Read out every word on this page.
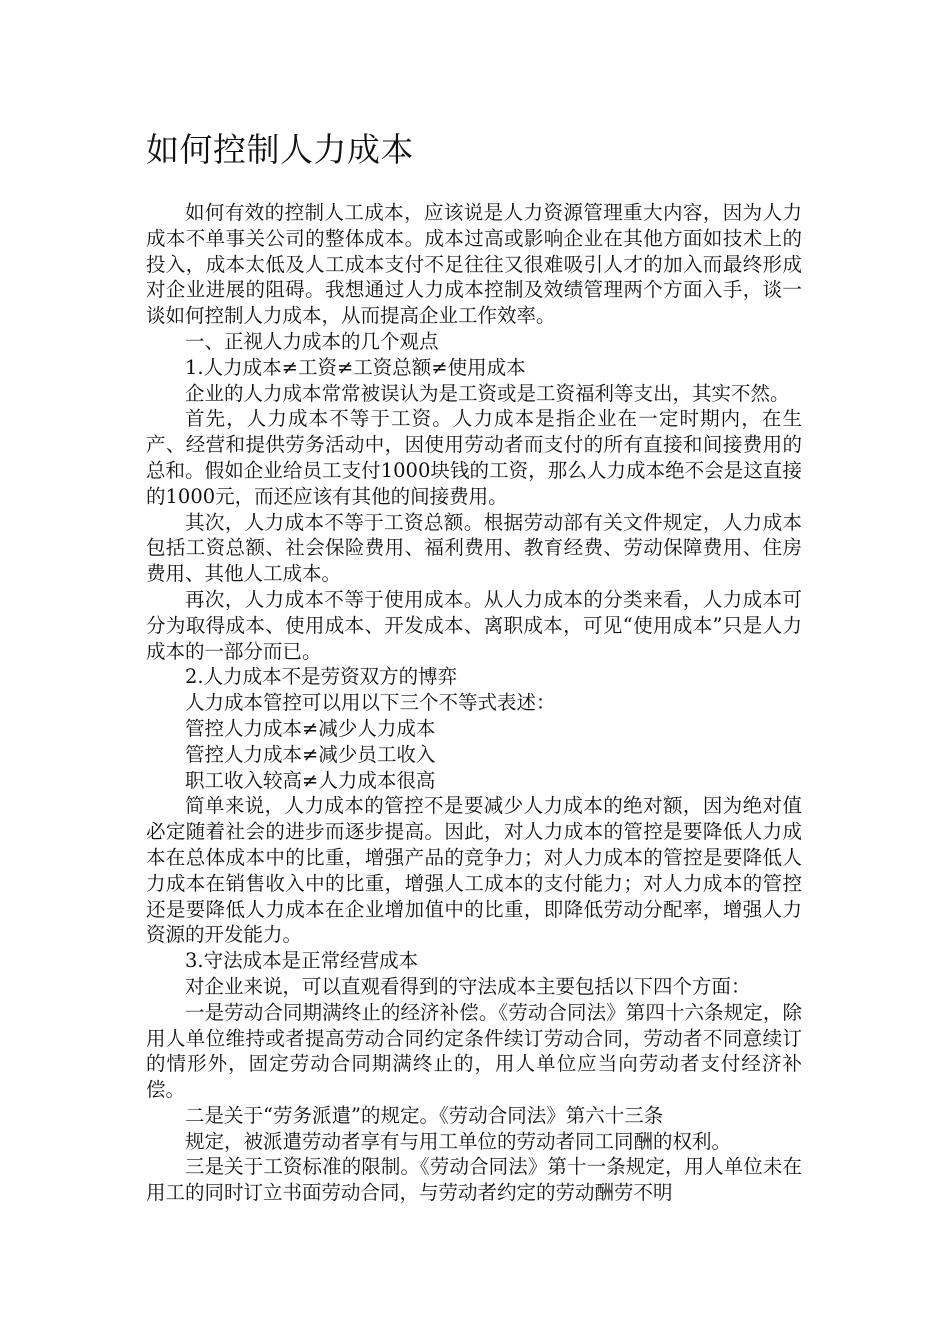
如何控制人力成本

如何有效的控制人工成本，应该说是人力资源管理重大内容，因为人力成本不单事关公司的整体成本。成本过高或影响企业在其他方面如技术上的投入，成本太低及人工成本支付不足往往又很难吸引人才的加入而最终形成对企业进展的阻碍。我想通过人力成本控制及效绩管理两个方面入手，谈一谈如何控制人力成本，从而提高企业工作效率。

一、正视人力成本的几个观点

1.人力成本≠工资≠工资总额≠使用成本

企业的人力成本常常被误认为是工资或是工资福利等支出，其实不然。

首先，人力成本不等于工资。人力成本是指企业在一定时期内，在生产、经营和提供劳务活动中，因使用劳动者而支付的所有直接和间接费用的总和。假如企业给员工支付1000块钱的工资，那么人力成本绝不会是这直接的1000元，而还应该有其他的间接费用。

其次，人力成本不等于工资总额。根据劳动部有关文件规定，人力成本包括工资总额、社会保险费用、福利费用、教育经费、劳动保障费用、住房费用、其他人工成本。

再次，人力成本不等于使用成本。从人力成本的分类来看，人力成本可分为取得成本、使用成本、开发成本、离职成本，可见“使用成本”只是人力成本的一部分而已。

2.人力成本不是劳资双方的博弈

人力成本管控可以用以下三个不等式表述：

管控人力成本≠减少人力成本

管控人力成本≠减少员工收入

职工收入较高≠人力成本很高

简单来说，人力成本的管控不是要减少人力成本的绝对额，因为绝对值必定随着社会的进步而逐步提高。因此，对人力成本的管控是要降低人力成本在总体成本中的比重，增强产品的竞争力；对人力成本的管控是要降低人力成本在销售收入中的比重，增强人工成本的支付能力；对人力成本的管控还是要降低人力成本在企业增加值中的比重，即降低劳动分配率，增强人力资源的开发能力。

3.守法成本是正常经营成本

对企业来说，可以直观看得到的守法成本主要包括以下四个方面：

一是劳动合同期满终止的经济补偿。《劳动合同法》第四十六条规定，除用人单位维持或者提高劳动合同约定条件续订劳动合同，劳动者不同意续订的情形外，固定劳动合同期满终止的，用人单位应当向劳动者支付经济补偿。

二是关于“劳务派遣”的规定。《劳动合同法》第六十三条

规定，被派遣劳动者享有与用工单位的劳动者同工同酬的权利。

三是关于工资标准的限制。《劳动合同法》第十一条规定，用人单位未在用工的同时订立书面劳动合同，与劳动者约定的劳动酬劳不明
